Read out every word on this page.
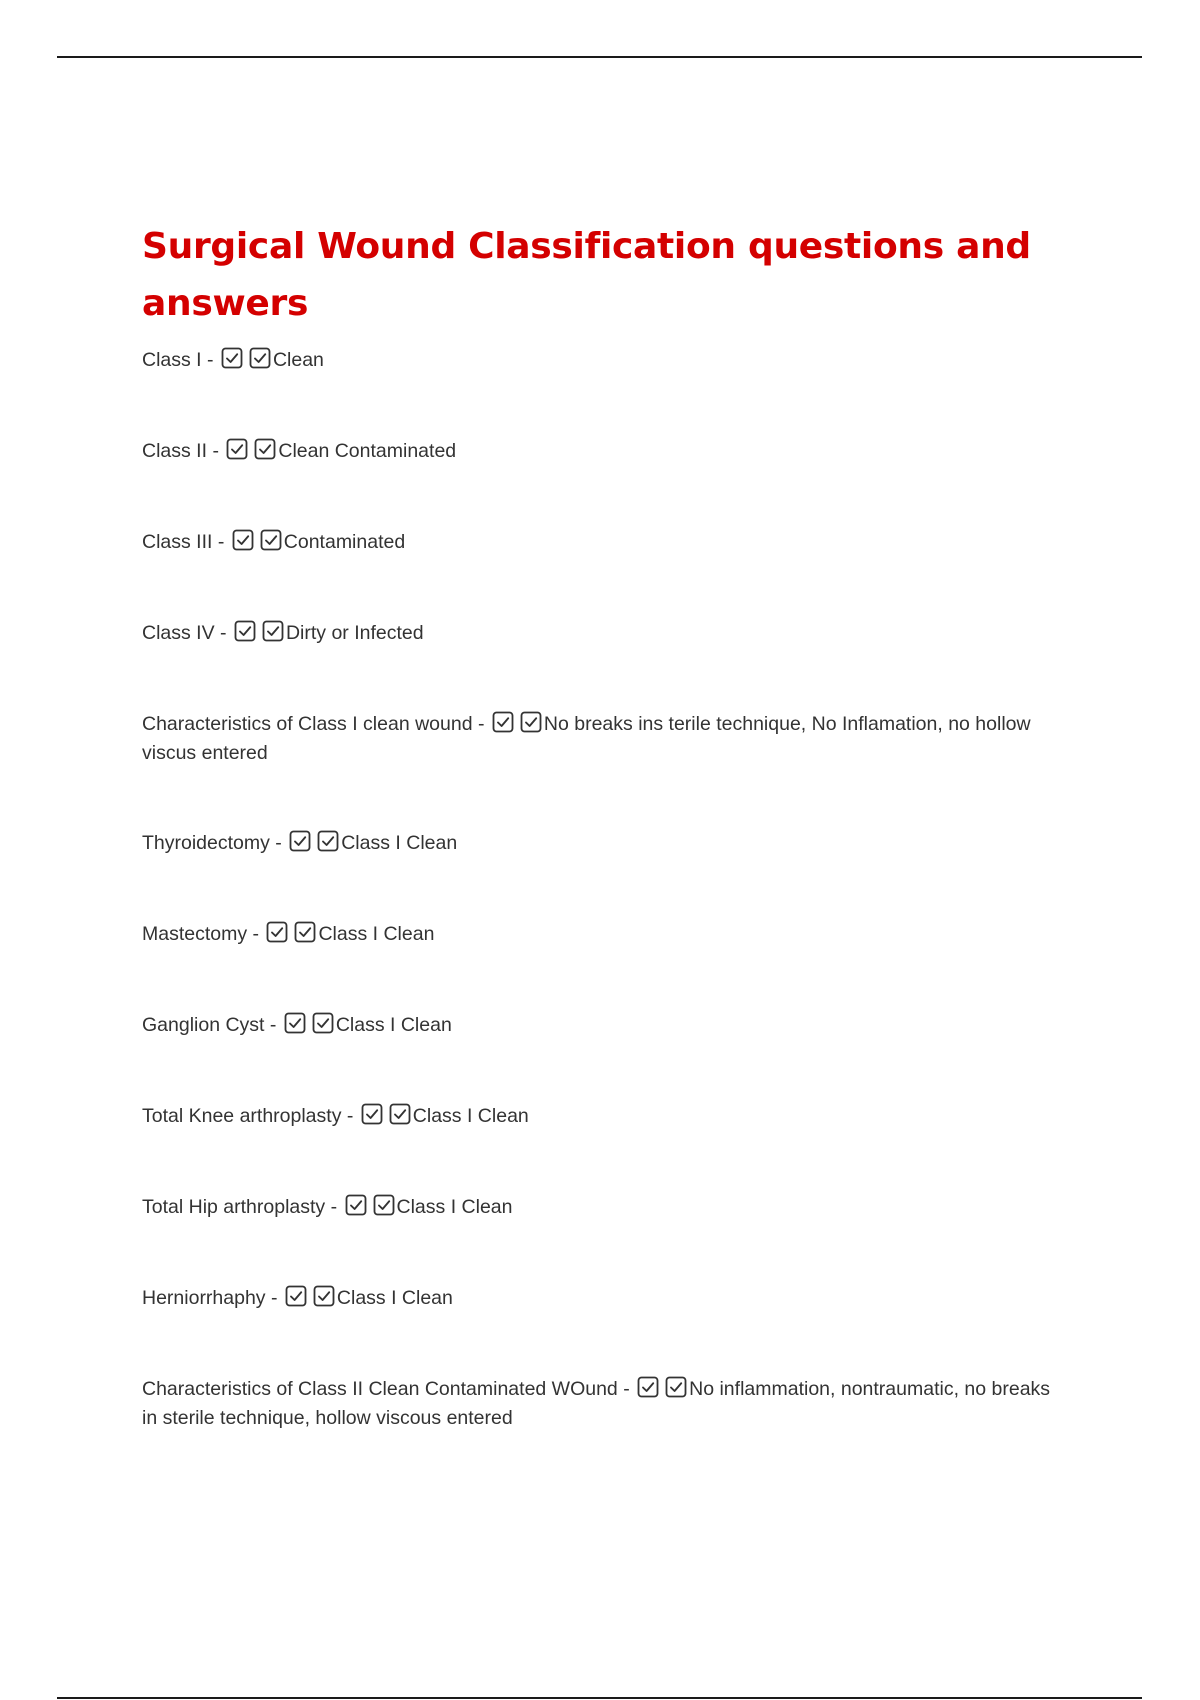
Surgical Wound Classification questions and answers
Class I -	Clean
Class II -	Clean Contaminated
Class III -	Contaminated
Class IV -	Dirty or Infected
Characteristics of Class I clean wound -	No breaks ins terile technique, No Inflamation, no hollow viscus entered
Thyroidectomy -	Class I Clean
Mastectomy -	Class I Clean
Ganglion Cyst -	Class I Clean
Total Knee arthroplasty -	Class I Clean
Total Hip arthroplasty -	Class I Clean
Herniorrhaphy -	Class I Clean
Characteristics of Class II Clean Contaminated WOund -	No inflammation, nontraumatic, no breaks in sterile technique, hollow viscous entered
